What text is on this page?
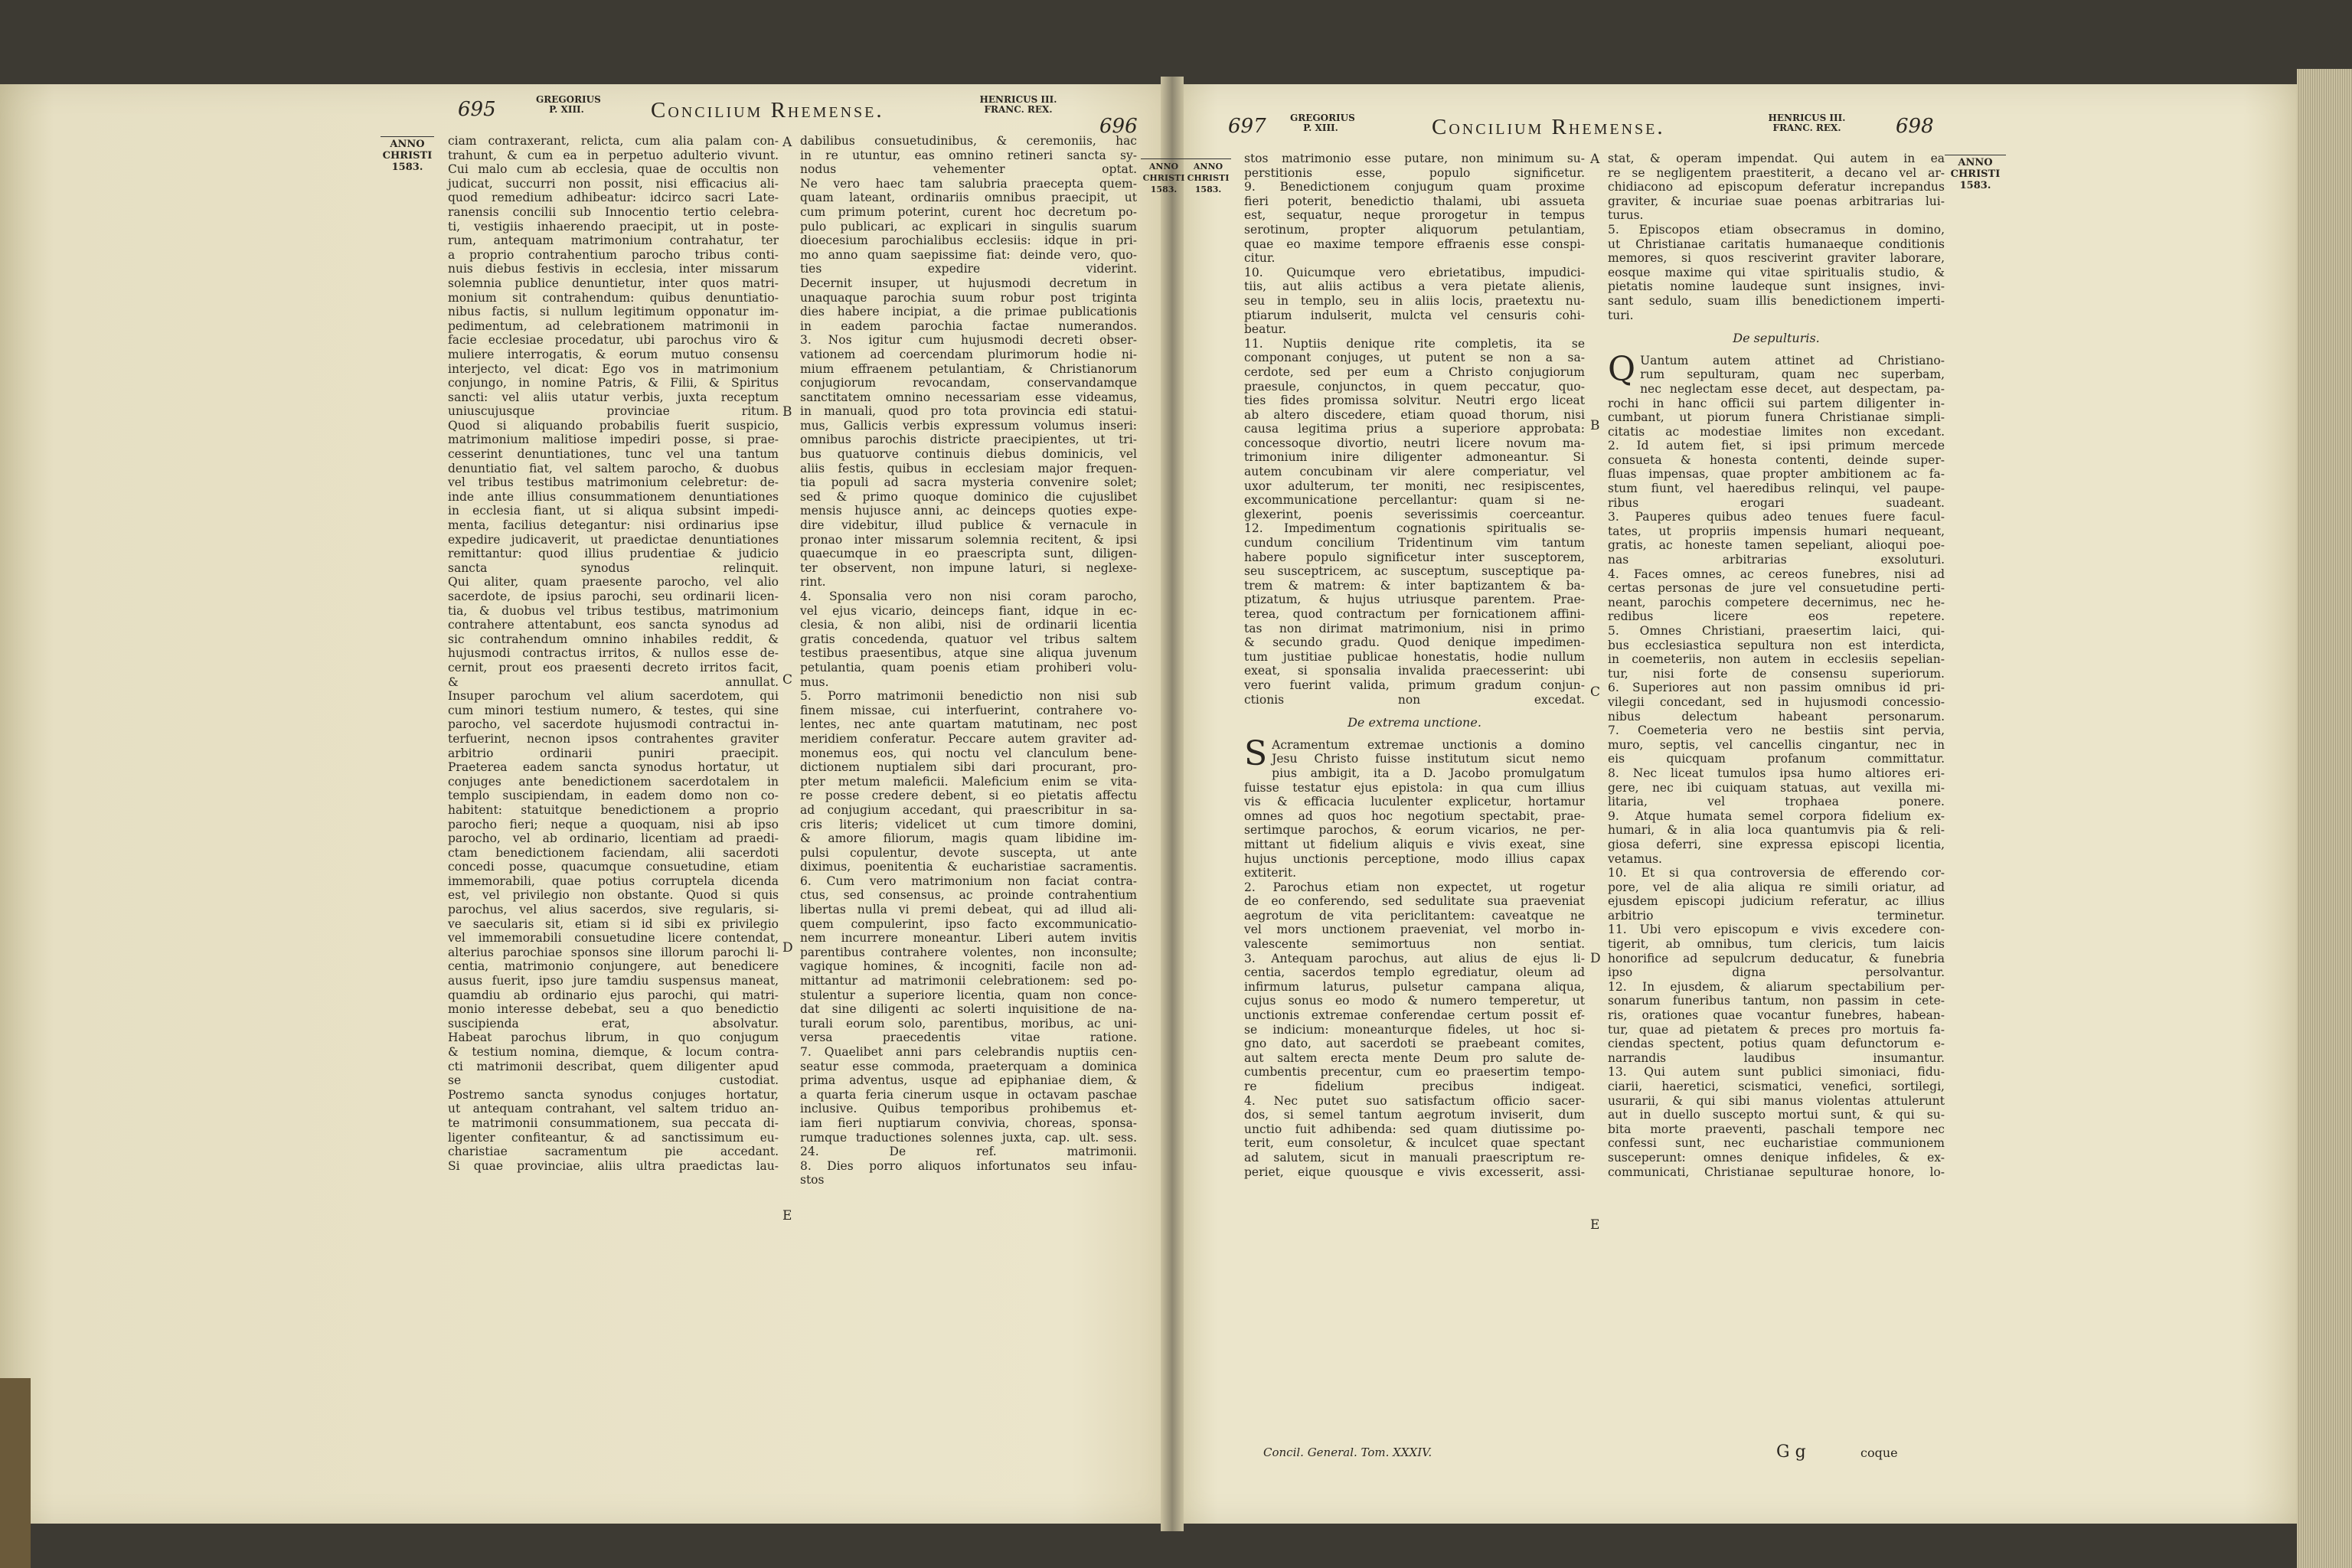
695	GREGORIUS
P. XIII.	Concilium Rhemense.	HENRICUS III.
FRANC. REX.
696	697	GREGORIUS
P. XIII.	Concilium Rhemense.	HENRICUS III.
FRANC. REX.	698
ANNO
CHRISTI
1583.	ANNO
CHRISTI
1583.
ANNO
CHRISTI
1583.
ANNO
CHRISTI
1583.
A
B
C
D
E
A
B
C
D
E
ciam contraxerant, relicta, cum alia palam con-
trahunt, & cum ea in perpetuo adulterio vivunt.
Cui malo cum ab ecclesia, quae de occultis non
judicat, succurri non possit, nisi efficacius ali-
quod remedium adhibeatur: idcirco sacri Late-
ranensis concilii sub Innocentio tertio celebra-
ti, vestigiis inhaerendo praecipit, ut in poste-
rum, antequam matrimonium contrahatur, ter
a proprio contrahentium parocho tribus conti-
nuis diebus festivis in ecclesia, inter missarum
solemnia publice denuntietur, inter quos matri-
monium sit contrahendum: quibus denuntiatio-
nibus factis, si nullum legitimum opponatur im-
pedimentum, ad celebrationem matrimonii in
facie ecclesiae procedatur, ubi parochus viro &
muliere interrogatis, & eorum mutuo consensu
interjecto, vel dicat: Ego vos in matrimonium
conjungo, in nomine Patris, & Filii, & Spiritus
sancti: vel aliis utatur verbis, juxta receptum
uniuscujusque provinciae ritum.
Quod si aliquando probabilis fuerit suspicio,
matrimonium malitiose impediri posse, si prae-
cesserint denuntiationes, tunc vel una tantum
denuntiatio fiat, vel saltem parocho, & duobus
vel tribus testibus matrimonium celebretur: de-
inde ante illius consummationem denuntiationes
in ecclesia fiant, ut si aliqua subsint impedi-
menta, facilius detegantur: nisi ordinarius ipse
expedire judicaverit, ut praedictae denuntiationes
remittantur: quod illius prudentiae & judicio
sancta synodus relinquit.
Qui aliter, quam praesente parocho, vel alio
sacerdote, de ipsius parochi, seu ordinarii licen-
tia, & duobus vel tribus testibus, matrimonium
contrahere attentabunt, eos sancta synodus ad
sic contrahendum omnino inhabiles reddit, &
hujusmodi contractus irritos, & nullos esse de-
cernit, prout eos praesenti decreto irritos facit,
& annullat.
Insuper parochum vel alium sacerdotem, qui
cum minori testium numero, & testes, qui sine
parocho, vel sacerdote hujusmodi contractui in-
terfuerint, necnon ipsos contrahentes graviter
arbitrio ordinarii puniri praecipit.
Praeterea eadem sancta synodus hortatur, ut
conjuges ante benedictionem sacerdotalem in
templo suscipiendam, in eadem domo non co-
habitent: statuitque benedictionem a proprio
parocho fieri; neque a quoquam, nisi ab ipso
parocho, vel ab ordinario, licentiam ad praedi-
ctam benedictionem faciendam, alii sacerdoti
concedi posse, quacumque consuetudine, etiam
immemorabili, quae potius corruptela dicenda
est, vel privilegio non obstante. Quod si quis
parochus, vel alius sacerdos, sive regularis, si-
ve saecularis sit, etiam si id sibi ex privilegio
vel immemorabili consuetudine licere contendat,
alterius parochiae sponsos sine illorum parochi li-
centia, matrimonio conjungere, aut benedicere
ausus fuerit, ipso jure tamdiu suspensus maneat,
quamdiu ab ordinario ejus parochi, qui matri-
monio interesse debebat, seu a quo benedictio
suscipienda erat, absolvatur.
Habeat parochus librum, in quo conjugum
& testium nomina, diemque, & locum contra-
cti matrimonii describat, quem diligenter apud
se custodiat.
Postremo sancta synodus conjuges hortatur,
ut antequam contrahant, vel saltem triduo an-
te matrimonii consummationem, sua peccata di-
ligenter confiteantur, & ad sanctissimum eu-
charistiae sacramentum pie accedant.
Si quae provinciae, aliis ultra praedictas lau-
dabilibus consuetudinibus, & ceremoniis, hac
in re utuntur, eas omnino retineri sancta sy-
nodus vehementer optat.
Ne vero haec tam salubria praecepta quem-
quam lateant, ordinariis omnibus praecipit, ut
cum primum poterint, curent hoc decretum po-
pulo publicari, ac explicari in singulis suarum
dioecesium parochialibus ecclesiis: idque in pri-
mo anno quam saepissime fiat: deinde vero, quo-
ties expedire viderint.
Decernit insuper, ut hujusmodi decretum in
unaquaque parochia suum robur post triginta
dies habere incipiat, a die primae publicationis
in eadem parochia factae numerandos.
3. Nos igitur cum hujusmodi decreti obser-
vationem ad coercendam plurimorum hodie ni-
mium effraenem petulantiam, & Christianorum
conjugiorum revocandam, conservandamque
sanctitatem omnino necessariam esse videamus,
in manuali, quod pro tota provincia edi statui-
mus, Gallicis verbis expressum volumus inseri:
omnibus parochis districte praecipientes, ut tri-
bus quatuorve continuis diebus dominicis, vel
aliis festis, quibus in ecclesiam major frequen-
tia populi ad sacra mysteria convenire solet;
sed & primo quoque dominico die cujuslibet
mensis hujusce anni, ac deinceps quoties expe-
dire videbitur, illud publice & vernacule in
pronao inter missarum solemnia recitent, & ipsi
quaecumque in eo praescripta sunt, diligen-
ter observent, non impune laturi, si neglexe-
rint.
4. Sponsalia vero non nisi coram parocho,
vel ejus vicario, deinceps fiant, idque in ec-
clesia, & non alibi, nisi de ordinarii licentia
gratis concedenda, quatuor vel tribus saltem
testibus praesentibus, atque sine aliqua juvenum
petulantia, quam poenis etiam prohiberi volu-
mus.
5. Porro matrimonii benedictio non nisi sub
finem missae, cui interfuerint, contrahere vo-
lentes, nec ante quartam matutinam, nec post
meridiem conferatur. Peccare autem graviter ad-
monemus eos, qui noctu vel clanculum bene-
dictionem nuptialem sibi dari procurant, pro-
pter metum maleficii. Maleficium enim se vita-
re posse credere debent, si eo pietatis affectu
ad conjugium accedant, qui praescribitur in sa-
cris literis; videlicet ut cum timore domini,
& amore filiorum, magis quam libidine im-
pulsi copulentur, devote suscepta, ut ante
diximus, poenitentia & eucharistiae sacramentis.
6. Cum vero matrimonium non faciat contra-
ctus, sed consensus, ac proinde contrahentium
libertas nulla vi premi debeat, qui ad illud ali-
quem compulerint, ipso facto excommunicatio-
nem incurrere moneantur. Liberi autem invitis
parentibus contrahere volentes, non inconsulte;
vagique homines, & incogniti, facile non ad-
mittantur ad matrimonii celebrationem: sed po-
stulentur a superiore licentia, quam non conce-
dat sine diligenti ac solerti inquisitione de na-
turali eorum solo, parentibus, moribus, ac uni-
versa praecedentis vitae ratione.
7. Quaelibet anni pars celebrandis nuptiis cen-
seatur esse commoda, praeterquam a dominica
prima adventus, usque ad epiphaniae diem, &
a quarta feria cinerum usque in octavam paschae
inclusive. Quibus temporibus prohibemus et-
iam fieri nuptiarum convivia, choreas, sponsa-
rumque traductiones solennes juxta, cap. ult. sess.
24. De ref. matrimonii.
8. Dies porro aliquos infortunatos seu infau-
stos
stos matrimonio esse putare, non minimum su-
perstitionis esse, populo significetur.
9. Benedictionem conjugum quam proxime
fieri poterit, benedictio thalami, ubi assueta
est, sequatur, neque prorogetur in tempus
serotinum, propter aliquorum petulantiam,
quae eo maxime tempore effraenis esse conspi-
citur.
10. Quicumque vero ebrietatibus, impudici-
tiis, aut aliis actibus a vera pietate alienis,
seu in templo, seu in aliis locis, praetextu nu-
ptiarum indulserit, mulcta vel censuris cohi-
beatur.
11. Nuptiis denique rite completis, ita se
componant conjuges, ut putent se non a sa-
cerdote, sed per eum a Christo conjugiorum
praesule, conjunctos, in quem peccatur, quo-
ties fides promissa solvitur. Neutri ergo liceat
ab altero discedere, etiam quoad thorum, nisi
causa legitima prius a superiore approbata:
concessoque divortio, neutri licere novum ma-
trimonium inire diligenter admoneantur. Si
autem concubinam vir alere comperiatur, vel
uxor adulterum, ter moniti, nec resipiscentes,
excommunicatione percellantur: quam si ne-
glexerint, poenis severissimis coerceantur.
12. Impedimentum cognationis spiritualis se-
cundum concilium Tridentinum vim tantum
habere populo significetur inter susceptorem,
seu susceptricem, ac susceptum, susceptique pa-
trem & matrem: & inter baptizantem & ba-
ptizatum, & hujus utriusque parentem. Prae-
terea, quod contractum per fornicationem affini-
tas non dirimat matrimonium, nisi in primo
& secundo gradu. Quod denique impedimen-
tum justitiae publicae honestatis, hodie nullum
exeat, si sponsalia invalida praecesserint: ubi
vero fuerint valida, primum gradum conjun-
ctionis non excedat.
De extrema unctione.
S Acramentum extremae unctionis a domino
Jesu Christo fuisse institutum sicut nemo
pius ambigit, ita a D. Jacobo promulgatum
fuisse testatur ejus epistola: in qua cum illius
vis & efficacia luculenter explicetur, hortamur
omnes ad quos hoc negotium spectabit, prae-
sertimque parochos, & eorum vicarios, ne per-
mittant ut fidelium aliquis e vivis exeat, sine
hujus unctionis perceptione, modo illius capax
extiterit.
2. Parochus etiam non expectet, ut rogetur
de eo conferendo, sed sedulitate sua praeveniat
aegrotum de vita periclitantem: caveatque ne
vel mors unctionem praeveniat, vel morbo in-
valescente semimortuus non sentiat.
3. Antequam parochus, aut alius de ejus li-
centia, sacerdos templo egrediatur, oleum ad
infirmum laturus, pulsetur campana aliqua,
cujus sonus eo modo & numero temperetur, ut
unctionis extremae conferendae certum possit ef-
se indicium: moneanturque fideles, ut hoc si-
gno dato, aut sacerdoti se praebeant comites,
aut saltem erecta mente Deum pro salute de-
cumbentis precentur, cum eo praesertim tempo-
re fidelium precibus indigeat.
4. Nec putet suo satisfactum officio sacer-
dos, si semel tantum aegrotum inviserit, dum
unctio fuit adhibenda: sed quam diutissime po-
terit, eum consoletur, & inculcet quae spectant
ad salutem, sicut in manuali praescriptum re-
periet, eique quousque e vivis excesserit, assi-
stat, & operam impendat. Qui autem in ea
re se negligentem praestiterit, a decano vel ar-
chidiacono ad episcopum deferatur increpandus
graviter, & incuriae suae poenas arbitrarias lui-
turus.
5. Episcopos etiam obsecramus in domino,
ut Christianae caritatis humanaeque conditionis
memores, si quos resciverint graviter laborare,
eosque maxime qui vitae spiritualis studio, &
pietatis nomine laudeque sunt insignes, invi-
sant sedulo, suam illis benedictionem imperti-
turi.
De sepulturis.
Q Uantum autem attinet ad Christiano-
rum sepulturam, quam nec superbam,
nec neglectam esse decet, aut despectam, pa-
rochi in hanc officii sui partem diligenter in-
cumbant, ut piorum funera Christianae simpli-
citatis ac modestiae limites non excedant.
2. Id autem fiet, si ipsi primum mercede
consueta & honesta contenti, deinde super-
fluas impensas, quae propter ambitionem ac fa-
stum fiunt, vel haeredibus relinqui, vel paupe-
ribus erogari suadeant.
3. Pauperes quibus adeo tenues fuere facul-
tates, ut propriis impensis humari nequeant,
gratis, ac honeste tamen sepeliant, alioqui poe-
nas arbitrarias exsoluturi.
4. Faces omnes, ac cereos funebres, nisi ad
certas personas de jure vel consuetudine perti-
neant, parochis competere decernimus, nec he-
redibus licere eos repetere.
5. Omnes Christiani, praesertim laici, qui-
bus ecclesiastica sepultura non est interdicta,
in coemeteriis, non autem in ecclesiis sepelian-
tur, nisi forte de consensu superiorum.
6. Superiores aut non passim omnibus id pri-
vilegii concedant, sed in hujusmodi concessio-
nibus delectum habeant personarum.
7. Coemeteria vero ne bestiis sint pervia,
muro, septis, vel cancellis cingantur, nec in
eis quicquam profanum committatur.
8. Nec liceat tumulos ipsa humo altiores eri-
gere, nec ibi cuiquam statuas, aut vexilla mi-
litaria, vel trophaea ponere.
9. Atque humata semel corpora fidelium ex-
humari, & in alia loca quantumvis pia & reli-
giosa deferri, sine expressa episcopi licentia,
vetamus.
10. Et si qua controversia de efferendo cor-
pore, vel de alia aliqua re simili oriatur, ad
ejusdem episcopi judicium referatur, ac illius
arbitrio terminetur.
11. Ubi vero episcopum e vivis excedere con-
tigerit, ab omnibus, tum clericis, tum laicis
honorifice ad sepulcrum deducatur, & funebria
ipso digna persolvantur.
12. In ejusdem, & aliarum spectabilium per-
sonarum funeribus tantum, non passim in cete-
ris, orationes quae vocantur funebres, habean-
tur, quae ad pietatem & preces pro mortuis fa-
ciendas spectent, potius quam defunctorum e-
narrandis laudibus insumantur.
13. Qui autem sunt publici simoniaci, fidu-
ciarii, haeretici, scismatici, venefici, sortilegi,
usurarii, & qui sibi manus violentas attulerunt
aut in duello suscepto mortui sunt, & qui su-
bita morte praeventi, paschali tempore nec
confessi sunt, nec eucharistiae communionem
susceperunt: omnes denique infideles, & ex-
communicati, Christianae sepulturae honore, lo-
Concil. General. Tom. XXXIV.	G g	coque
